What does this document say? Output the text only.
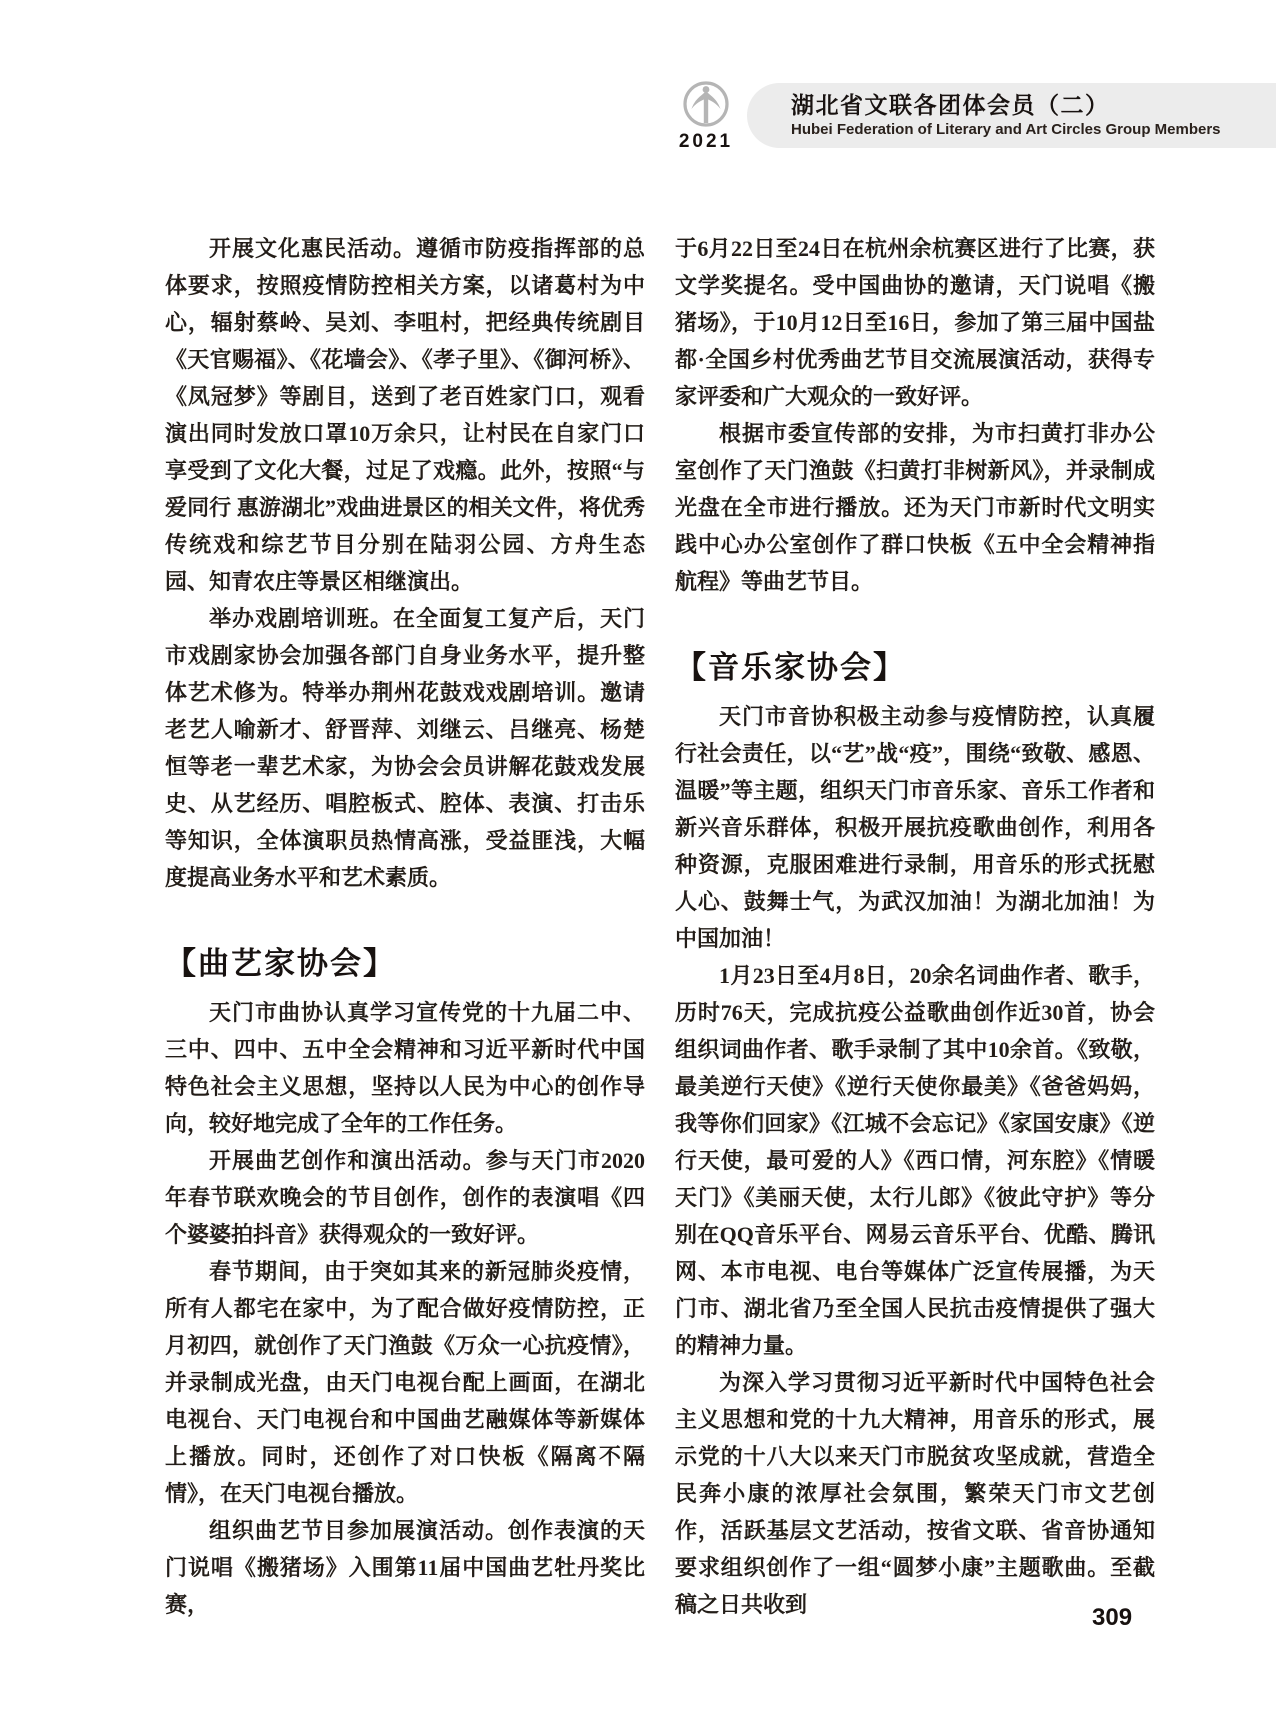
2021
湖北省文联各团体会员（二）
Hubei Federation of Literary and Art Circles Group Members

开展文化惠民活动。遵循市防疫指挥部的总体要求，按照疫情防控相关方案，以诸葛村为中心，辐射蔡岭、吴刘、李咀村，把经典传统剧目《天官赐福》、《花墙会》、《孝子里》、《御河桥》、《凤冠梦》等剧目，送到了老百姓家门口，观看演出同时发放口罩10万余只，让村民在自家门口享受到了文化大餐，过足了戏瘾。此外，按照“与爱同行 惠游湖北”戏曲进景区的相关文件，将优秀传统戏和综艺节目分别在陆羽公园、方舟生态园、知青农庄等景区相继演出。

举办戏剧培训班。在全面复工复产后，天门市戏剧家协会加强各部门自身业务水平，提升整体艺术修为。特举办荆州花鼓戏戏剧培训。邀请老艺人喻新才、舒晋萍、刘继云、吕继亮、杨楚恒等老一辈艺术家，为协会会员讲解花鼓戏发展史、从艺经历、唱腔板式、腔体、表演、打击乐等知识，全体演职员热情高涨，受益匪浅，大幅度提高业务水平和艺术素质。

【曲艺家协会】

天门市曲协认真学习宣传党的十九届二中、三中、四中、五中全会精神和习近平新时代中国特色社会主义思想，坚持以人民为中心的创作导向，较好地完成了全年的工作任务。

开展曲艺创作和演出活动。参与天门市2020年春节联欢晚会的节目创作，创作的表演唱《四个婆婆拍抖音》获得观众的一致好评。

春节期间，由于突如其来的新冠肺炎疫情，所有人都宅在家中，为了配合做好疫情防控，正月初四，就创作了天门渔鼓《万众一心抗疫情》，并录制成光盘，由天门电视台配上画面，在湖北电视台、天门电视台和中国曲艺融媒体等新媒体上播放。同时，还创作了对口快板《隔离不隔情》，在天门电视台播放。

组织曲艺节目参加展演活动。创作表演的天门说唱《搬猪场》入围第11届中国曲艺牡丹奖比赛，

于6月22日至24日在杭州余杭赛区进行了比赛，获文学奖提名。受中国曲协的邀请，天门说唱《搬猪场》，于10月12日至16日，参加了第三届中国盐都·全国乡村优秀曲艺节目交流展演活动，获得专家评委和广大观众的一致好评。

根据市委宣传部的安排，为市扫黄打非办公室创作了天门渔鼓《扫黄打非树新风》，并录制成光盘在全市进行播放。还为天门市新时代文明实践中心办公室创作了群口快板《五中全会精神指航程》等曲艺节目。

【音乐家协会】

天门市音协积极主动参与疫情防控，认真履行社会责任，以“艺”战“疫”，围绕“致敬、感恩、温暖”等主题，组织天门市音乐家、音乐工作者和新兴音乐群体，积极开展抗疫歌曲创作，利用各种资源，克服困难进行录制，用音乐的形式抚慰人心、鼓舞士气，为武汉加油！为湖北加油！为中国加油！

1月23日至4月8日，20余名词曲作者、歌手，历时76天，完成抗疫公益歌曲创作近30首，协会组织词曲作者、歌手录制了其中10余首。《致敬，最美逆行天使》《逆行天使你最美》《爸爸妈妈，我等你们回家》《江城不会忘记》《家国安康》《逆行天使，最可爱的人》《西口情，河东腔》《情暖天门》《美丽天使，太行儿郎》《彼此守护》等分别在QQ音乐平台、网易云音乐平台、优酷、腾讯网、本市电视、电台等媒体广泛宣传展播，为天门市、湖北省乃至全国人民抗击疫情提供了强大的精神力量。

为深入学习贯彻习近平新时代中国特色社会主义思想和党的十九大精神，用音乐的形式，展示党的十八大以来天门市脱贫攻坚成就，营造全民奔小康的浓厚社会氛围，繁荣天门市文艺创作，活跃基层文艺活动，按省文联、省音协通知要求组织创作了一组“圆梦小康”主题歌曲。至截稿之日共收到	309
